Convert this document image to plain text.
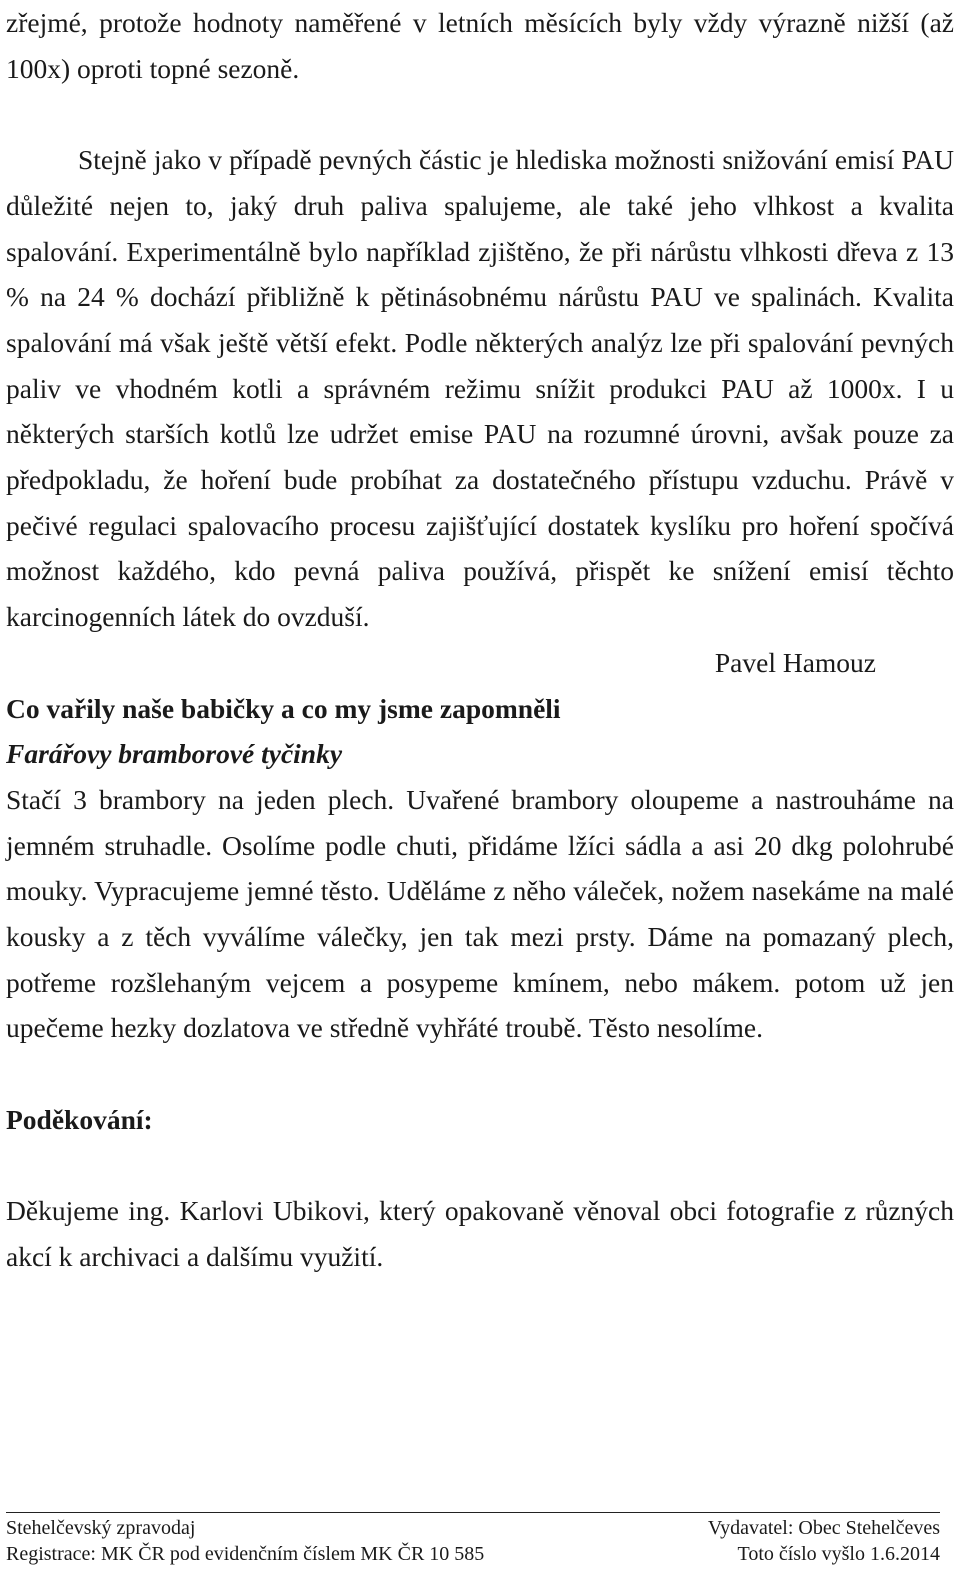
zřejmé, protože hodnoty naměřené v letních měsících byly vždy výrazně nižší (až 100x) oproti topné sezoně.

Stejně jako v případě pevných částic je hlediska možnosti snižování emisí PAU důležité nejen to, jaký druh paliva spalujeme, ale také jeho vlhkost a kvalita spalování. Experimentálně bylo například zjištěno, že při nárůstu vlhkosti dřeva z 13 % na 24 % dochází přibližně k pětinásobnému nárůstu PAU ve spalinách. Kvalita spalování má však ještě větší efekt. Podle některých analýz lze při spalování pevných paliv ve vhodném kotli a správném režimu snížit produkci PAU až 1000x. I u některých starších kotlů lze udržet emise PAU na rozumné úrovni, avšak pouze za předpokladu, že hoření bude probíhat za dostatečného přístupu vzduchu. Právě v pečivé regulaci spalovacího procesu zajišťující dostatek kyslíku pro hoření spočívá možnost každého, kdo pevná paliva používá, přispět ke snížení emisí těchto karcinogenních látek do ovzduší.

Pavel Hamouz

Co vařily naše babičky a co my jsme zapomněli

Farářovy bramborové tyčinky

Stačí 3 brambory na jeden plech. Uvařené brambory oloupeme a nastrouháme na jemném struhadle. Osolíme podle chuti, přidáme lžíci sádla a asi 20 dkg polohrubé mouky. Vypracujeme jemné těsto. Uděláme z něho váleček, nožem nasekáme na malé kousky a z těch vyválíme válečky, jen tak mezi prsty. Dáme na pomazaný plech, potřeme rozšlehaným vejcem a posypeme kmínem, nebo mákem. potom už jen upečeme hezky dozlatova ve středně vyhřáté troubě. Těsto nesolíme.

Poděkování:

Děkujeme ing. Karlovi Ubikovi, který opakovaně věnoval obci fotografie z různých akcí k archivaci a dalšímu využití.

Stehelčevský zpravodaj	Vydavatel: Obec Stehelčeves
Registrace: MK ČR pod evidenčním číslem MK ČR 10 585	Toto číslo vyšlo 1.6.2014
